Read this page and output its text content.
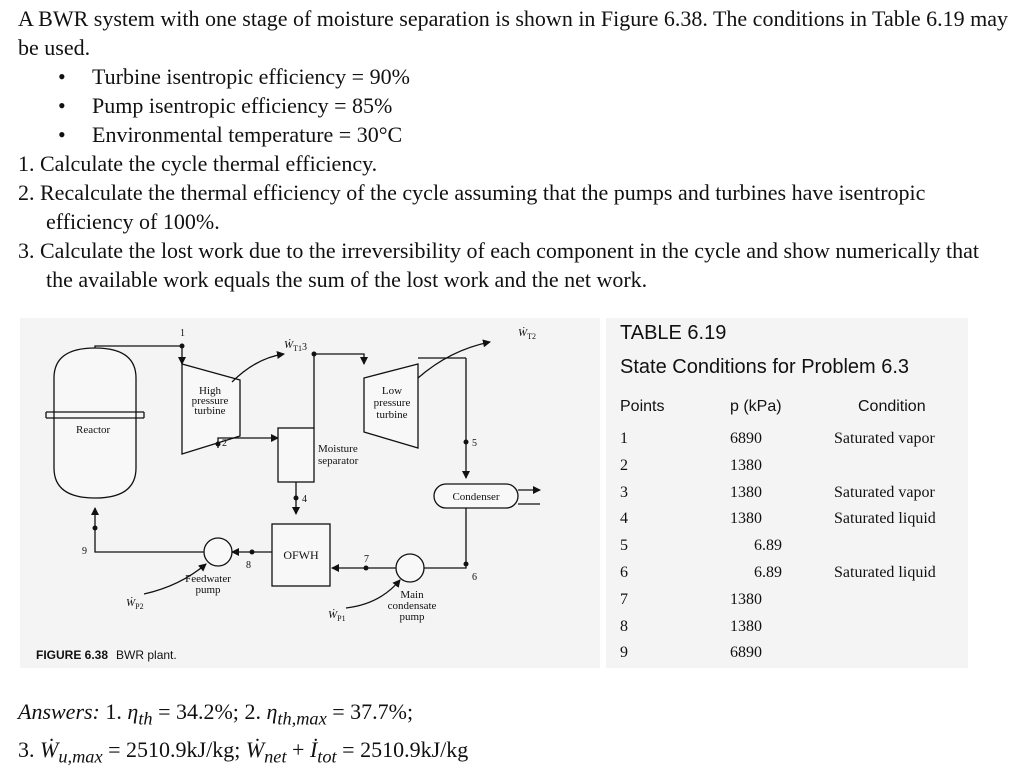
A BWR system with one stage of moisture separation is shown in Figure 6.38. The conditions in Table 6.19 may be used.

• Turbine isentropic efficiency = 90%
• Pump isentropic efficiency = 85%
• Environmental temperature = 30°C
1. Calculate the cycle thermal efficiency.
2. Recalculate the thermal efficiency of the cycle assuming that the pumps and turbines have isentropic efficiency of 100%.
3. Calculate the lost work due to the irreversibility of each component in the cycle and show numerically that the available work equals the sum of the lost work and the net work.
Reactor
High
pressure
turbine
Low
pressure
turbine
Moisture
separator
Condenser
OFWH
Feedwater
pump	Main
condensate
pump
Ẇ$_{T1}$
Ẇ$_{T2}$
Ẇ$_{P1}$
Ẇ$_{P2}$
1
2
3
4
5
6
7
8
9
FIGURE 6.38 BWR plant.
TABLE 6.19
State Conditions for Problem 6.3
Points	p (kPa)	Condition
1	6890	Saturated vapor
2	1380
3	1380	Saturated vapor
4	1380	Saturated liquid
5	6.89
6	6.89	Saturated liquid
7	1380
8	1380
9	6890
Answers: 1. $\eta_{th} = 34.2\%$; 2. $\eta_{th,max} = 37.7\%$;
3. Ẇ$_{u,max}$ = 2510.9kJ/kg; Ẇ$_{net}$ + $İ_{tot} = 2510.9kJ/kg$
